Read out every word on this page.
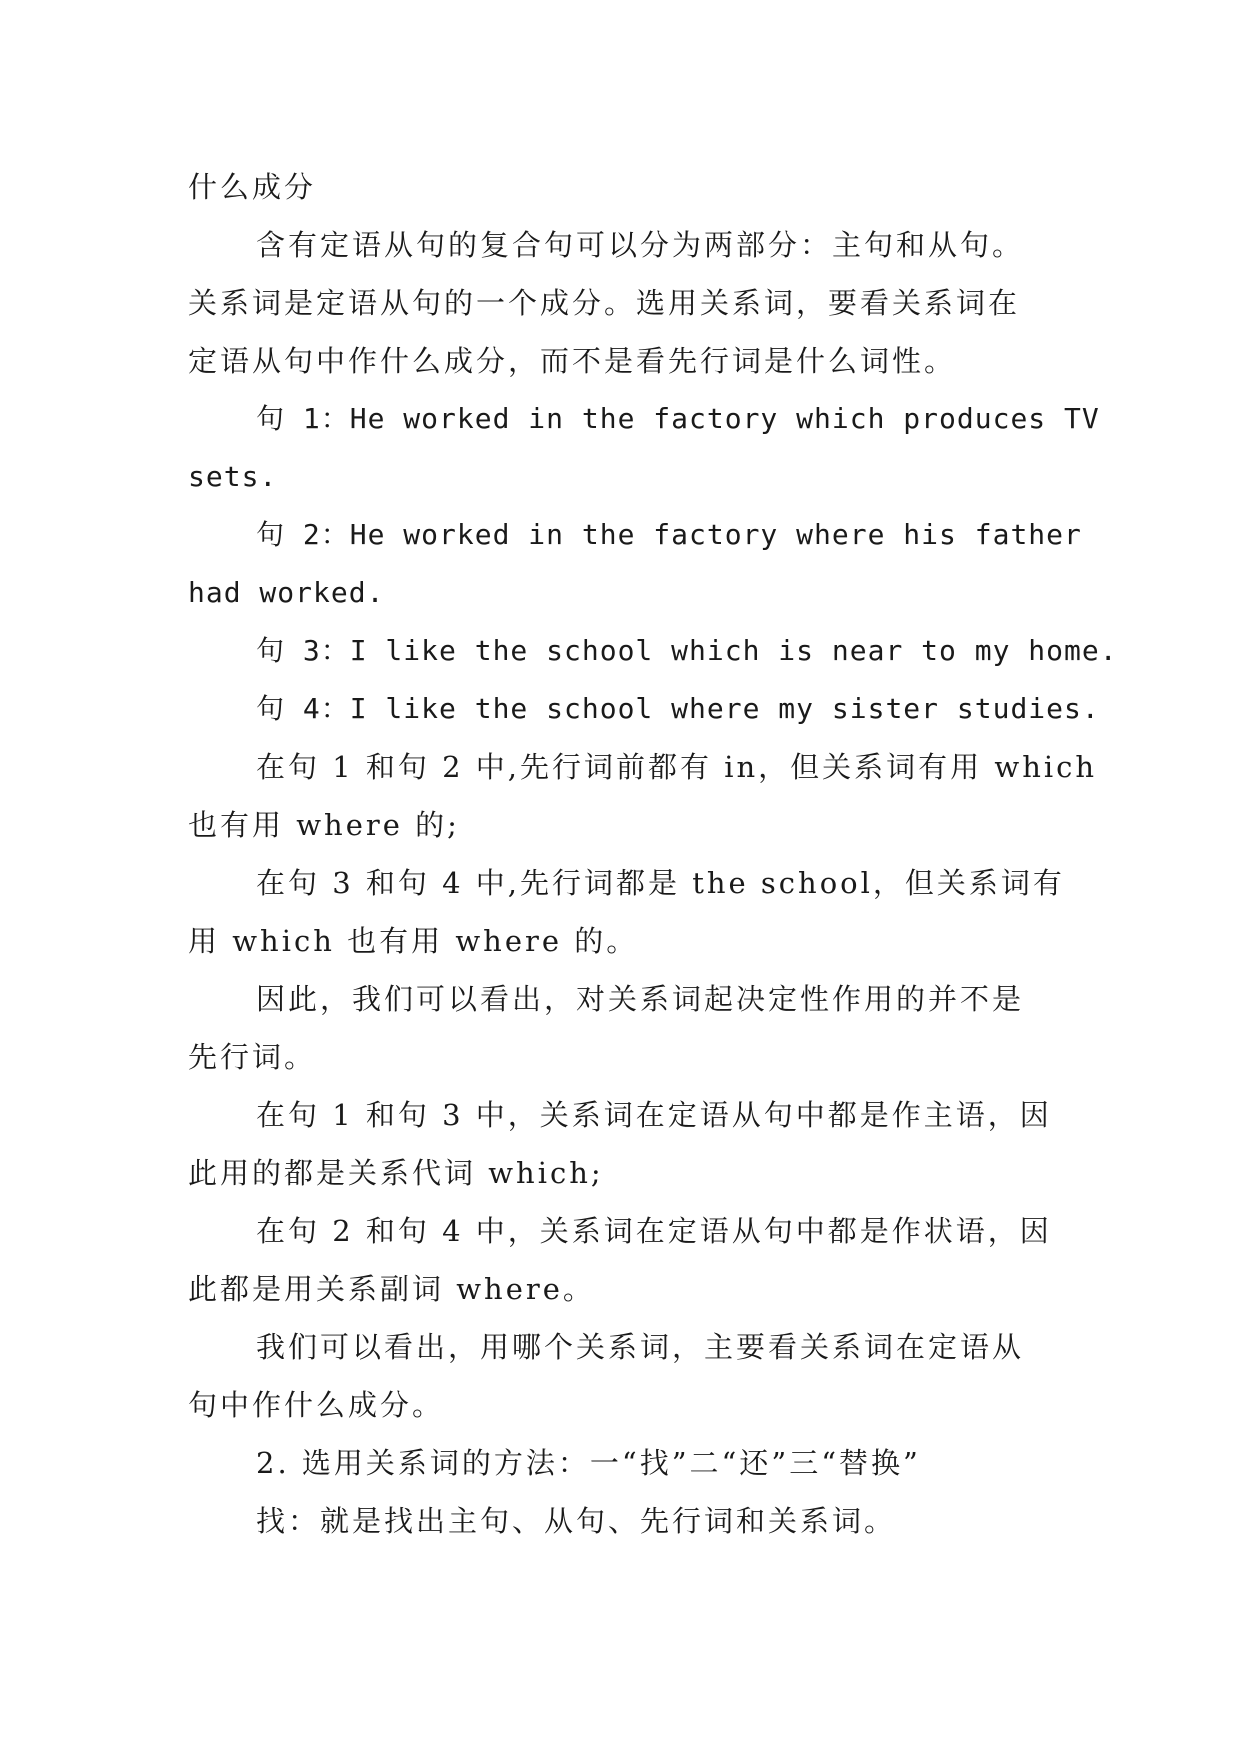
什么成分
含有定语从句的复合句可以分为两部分：主句和从句。
关系词是定语从句的一个成分。选用关系词，要看关系词在
定语从句中作什么成分，而不是看先行词是什么词性。
句 1：He worked in the factory which produces TV
sets.
句 2：He worked in the factory where his father
had worked.
句 3：I like the school which is near to my home.
句 4：I like the school where my sister studies.
在句 1 和句 2 中,先行词前都有 in，但关系词有用 which
也有用 where 的;
在句 3 和句 4 中,先行词都是 the school，但关系词有
用 which 也有用 where 的。
因此，我们可以看出，对关系词起决定性作用的并不是
先行词。
在句 1 和句 3 中，关系词在定语从句中都是作主语，因
此用的都是关系代词 which;
在句 2 和句 4 中，关系词在定语从句中都是作状语，因
此都是用关系副词 where。
我们可以看出，用哪个关系词，主要看关系词在定语从
句中作什么成分。
2. 选用关系词的方法：一“找”二“还”三“替换”
找：就是找出主句、从句、先行词和关系词。
